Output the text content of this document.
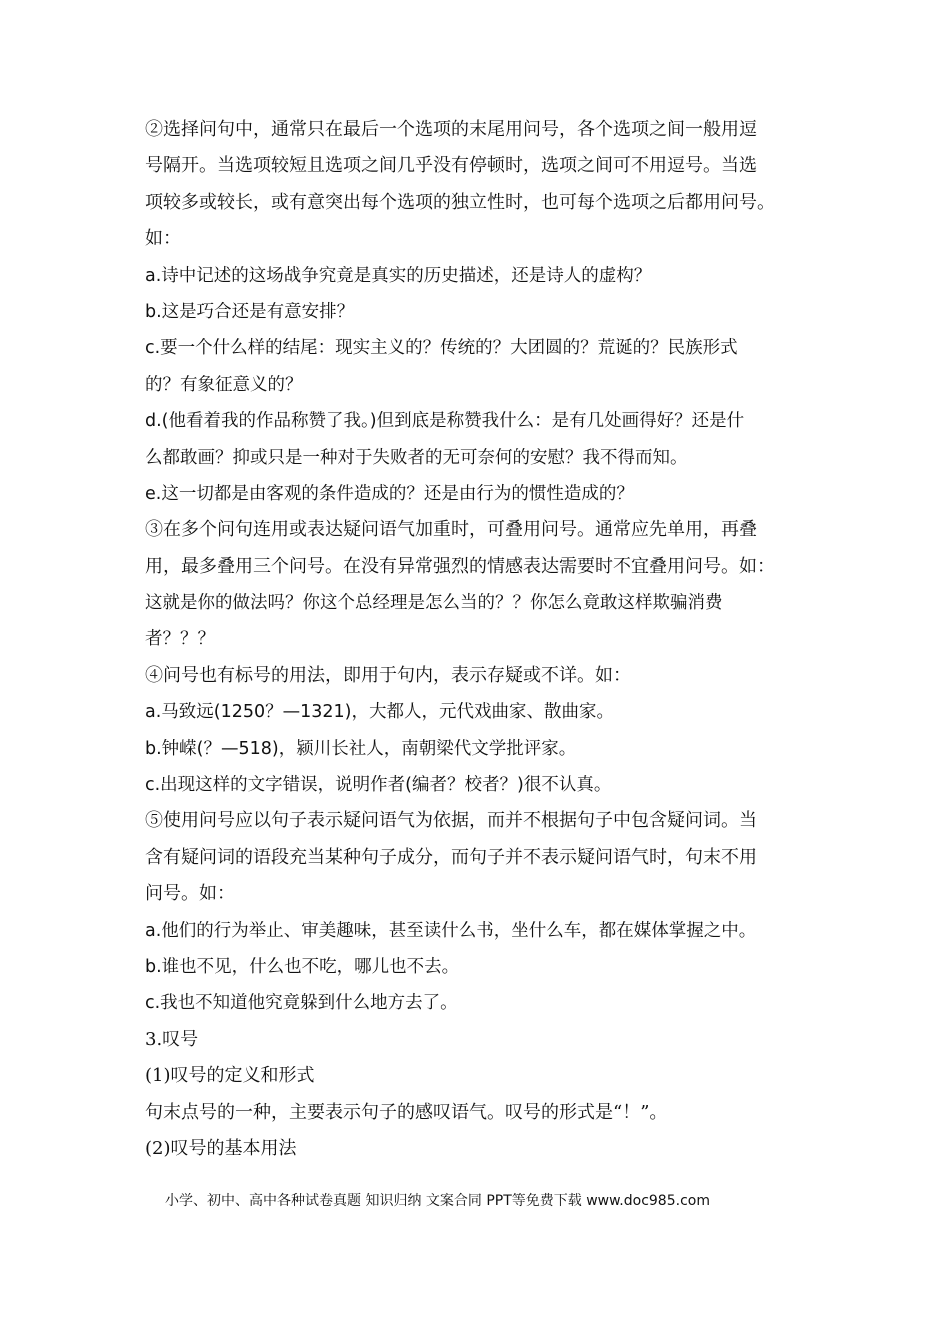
②选择问句中，通常只在最后一个选项的末尾用问号，各个选项之间一般用逗
号隔开。当选项较短且选项之间几乎没有停顿时，选项之间可不用逗号。当选
项较多或较长，或有意突出每个选项的独立性时，也可每个选项之后都用问号。
如：
a.诗中记述的这场战争究竟是真实的历史描述，还是诗人的虚构？
b.这是巧合还是有意安排？
c.要一个什么样的结尾：现实主义的？传统的？大团圆的？荒诞的？民族形式
的？有象征意义的？
d.(他看着我的作品称赞了我。)但到底是称赞我什么：是有几处画得好？还是什
么都敢画？抑或只是一种对于失败者的无可奈何的安慰？我不得而知。
e.这一切都是由客观的条件造成的？还是由行为的惯性造成的？
③在多个问句连用或表达疑问语气加重时，可叠用问号。通常应先单用，再叠
用，最多叠用三个问号。在没有异常强烈的情感表达需要时不宜叠用问号。如：
这就是你的做法吗？你这个总经理是怎么当的？？你怎么竟敢这样欺骗消费
者？？？
④问号也有标号的用法，即用于句内，表示存疑或不详。如：
a.马致远(1250？—1321)，大都人，元代戏曲家、散曲家。
b.钟嵘(？—518)，颍川长社人，南朝梁代文学批评家。
c.出现这样的文字错误，说明作者(编者？校者？)很不认真。
⑤使用问号应以句子表示疑问语气为依据，而并不根据句子中包含疑问词。当
含有疑问词的语段充当某种句子成分，而句子并不表示疑问语气时，句末不用
问号。如：
a.他们的行为举止、审美趣味，甚至读什么书，坐什么车，都在媒体掌握之中。
b.谁也不见，什么也不吃，哪儿也不去。
c.我也不知道他究竟躲到什么地方去了。
3.叹号
(1)叹号的定义和形式
句末点号的一种，主要表示句子的感叹语气。叹号的形式是“！”。
(2)叹号的基本用法
小学、初中、高中各种试卷真题 知识归纳 文案合同 PPT等免费下载 www.doc985.com
